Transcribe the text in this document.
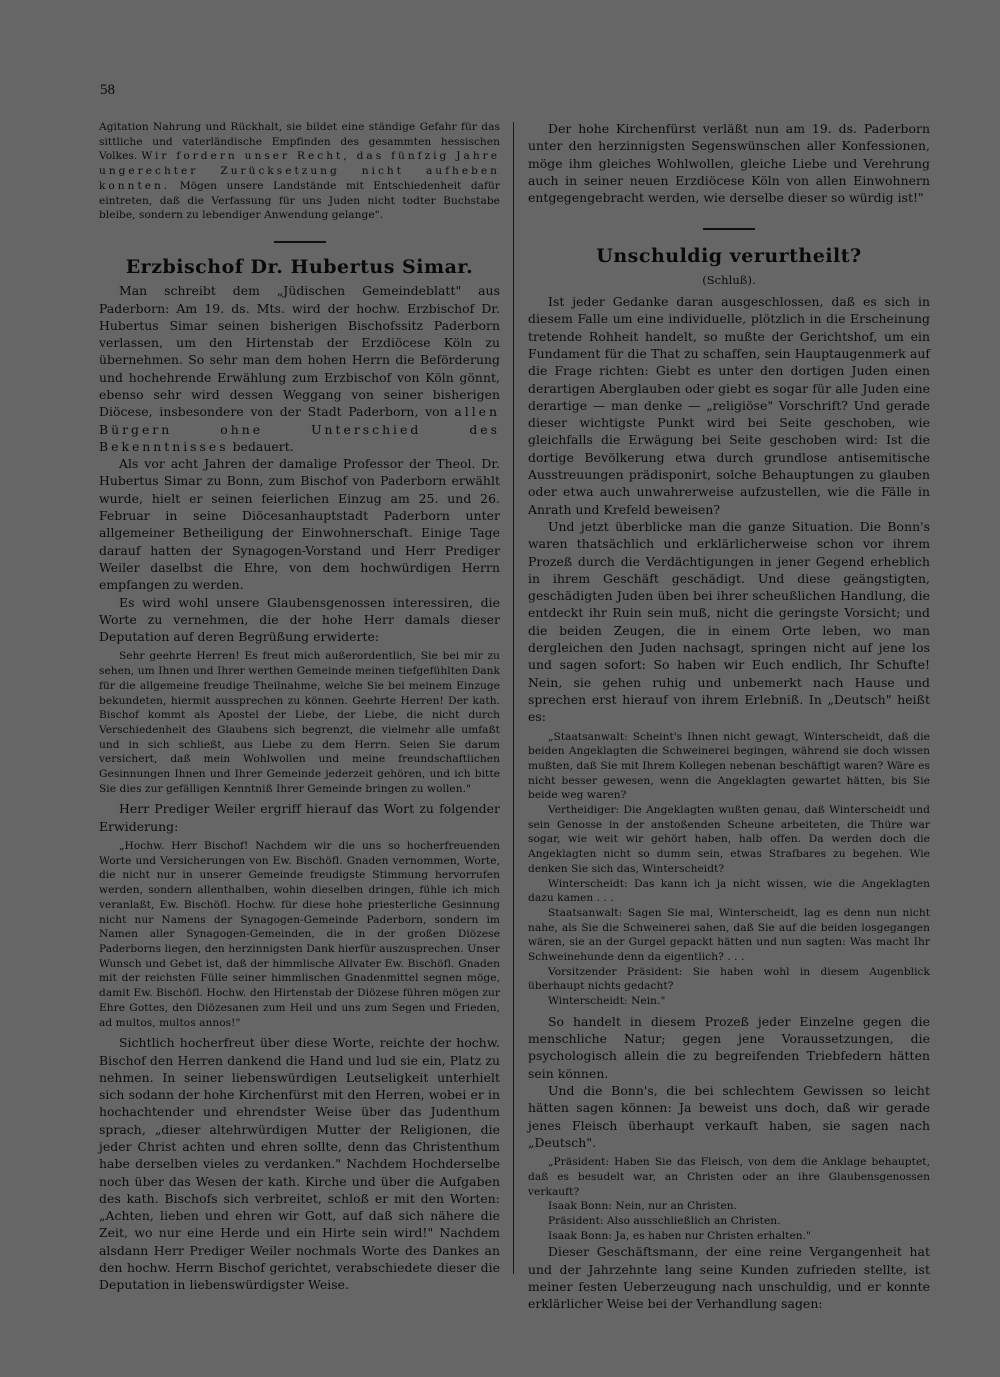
58

Agitation Nahrung und Rückhalt, sie bildet eine ständige Gefahr für das sittliche und vaterländische Empfinden des gesammten hessischen Volkes. Wir fordern unser Recht, das fünfzig Jahre ungerechter Zurücksetzung nicht aufheben konnten. Mögen unsere Landstände mit Entschiedenheit dafür eintreten, daß die Verfassung für uns Juden nicht todter Buchstabe bleibe, sondern zu lebendiger Anwendung gelange".

Erzbischof Dr. Hubertus Simar.

Man schreibt dem „Jüdischen Gemeindeblatt" aus Paderborn: Am 19. ds. Mts. wird der hochw. Erzbischof Dr. Hubertus Simar seinen bisherigen Bischofssitz Paderborn verlassen, um den Hirtenstab der Erzdiöcese Köln zu übernehmen. So sehr man dem hohen Herrn die Beförderung und hochehrende Erwählung zum Erzbischof von Köln gönnt, ebenso sehr wird dessen Weggang von seiner bisherigen Diöcese, insbesondere von der Stadt Paderborn, von allen Bürgern ohne Unterschied des Bekenntnisses bedauert.

Als vor acht Jahren der damalige Professor der Theol. Dr. Hubertus Simar zu Bonn, zum Bischof von Paderborn erwählt wurde, hielt er seinen feierlichen Einzug am 25. und 26. Februar in seine Diöcesanhauptstadt Paderborn unter allgemeiner Betheiligung der Einwohnerschaft. Einige Tage darauf hatten der Synagogen-Vorstand und Herr Prediger Weiler daselbst die Ehre, von dem hochwürdigen Herrn empfangen zu werden.

Es wird wohl unsere Glaubensgenossen interessiren, die Worte zu vernehmen, die der hohe Herr damals dieser Deputation auf deren Begrüßung erwiderte:

Sehr geehrte Herren! Es freut mich außerordentlich, Sie bei mir zu sehen, um Ihnen und Ihrer werthen Gemeinde meinen tiefgefühlten Dank für die allgemeine freudige Theilnahme, welche Sie bei meinem Einzuge bekundeten, hiermit aussprechen zu können. Geehrte Herren! Der kath. Bischof kommt als Apostel der Liebe, der Liebe, die nicht durch Verschiedenheit des Glaubens sich begrenzt, die vielmehr alle umfaßt und in sich schließt, aus Liebe zu dem Herrn. Seien Sie darum versichert, daß mein Wohlwollen und meine freundschaftlichen Gesinnungen Ihnen und Ihrer Gemeinde jederzeit gehören, und ich bitte Sie dies zur gefälligen Kenntniß Ihrer Gemeinde bringen zu wollen."

Herr Prediger Weiler ergriff hierauf das Wort zu folgender Erwiderung:

„Hochw. Herr Bischof! Nachdem wir die uns so hocherfreuenden Worte und Versicherungen von Ew. Bischöfl. Gnaden vernommen, Worte, die nicht nur in unserer Gemeinde freudigste Stimmung hervorrufen werden, sondern allenthalben, wohin dieselben dringen, fühle ich mich veranlaßt, Ew. Bischöfl. Hochw. für diese hohe priesterliche Gesinnung nicht nur Namens der Synagogen-Gemeinde Paderborn, sondern im Namen aller Synagogen-Gemeinden, die in der großen Diözese Paderborns liegen, den herzinnigsten Dank hierfür auszusprechen. Unser Wunsch und Gebet ist, daß der himmlische Allvater Ew. Bischöfl. Gnaden mit der reichsten Fülle seiner himmlischen Gnadenmittel segnen möge, damit Ew. Bischöfl. Hochw. den Hirtenstab der Diözese führen mögen zur Ehre Gottes, den Diözesanen zum Heil und uns zum Segen und Frieden, ad multos, multos annos!"

Sichtlich hocherfreut über diese Worte, reichte der hochw. Bischof den Herren dankend die Hand und lud sie ein, Platz zu nehmen. In seiner liebenswürdigen Leutseligkeit unterhielt sich sodann der hohe Kirchenfürst mit den Herren, wobei er in hochachtender und ehrendster Weise über das Judenthum sprach, „dieser altehrwürdigen Mutter der Religionen, die jeder Christ achten und ehren sollte, denn das Christenthum habe derselben vieles zu verdanken." Nachdem Hochderselbe noch über das Wesen der kath. Kirche und über die Aufgaben des kath. Bischofs sich verbreitet, schloß er mit den Worten: „Achten, lieben und ehren wir Gott, auf daß sich nähere die Zeit, wo nur eine Herde und ein Hirte sein wird!" Nachdem alsdann Herr Prediger Weiler nochmals Worte des Dankes an den hochw. Herrn Bischof gerichtet, verabschiedete dieser die Deputation in liebenswürdigster Weise.

Der hohe Kirchenfürst verläßt nun am 19. ds. Paderborn unter den herzinnigsten Segenswünschen aller Konfessionen, möge ihm gleiches Wohlwollen, gleiche Liebe und Verehrung auch in seiner neuen Erzdiöcese Köln von allen Einwohnern entgegengebracht werden, wie derselbe dieser so würdig ist!"

Unschuldig verurtheilt?
(Schluß).

Ist jeder Gedanke daran ausgeschlossen, daß es sich in diesem Falle um eine individuelle, plötzlich in die Erscheinung tretende Rohheit handelt, so mußte der Gerichtshof, um ein Fundament für die That zu schaffen, sein Hauptaugenmerk auf die Frage richten: Giebt es unter den dortigen Juden einen derartigen Aberglauben oder giebt es sogar für alle Juden eine derartige — man denke — „religiöse" Vorschrift? Und gerade dieser wichtigste Punkt wird bei Seite geschoben, wie gleichfalls die Erwägung bei Seite geschoben wird: Ist die dortige Bevölkerung etwa durch grundlose antisemitische Ausstreuungen prädisponirt, solche Behauptungen zu glauben oder etwa auch unwahrerweise aufzustellen, wie die Fälle in Anrath und Krefeld beweisen?

Und jetzt überblicke man die ganze Situation. Die Bonn's waren thatsächlich und erklärlicherweise schon vor ihrem Prozeß durch die Verdächtigungen in jener Gegend erheblich in ihrem Geschäft geschädigt. Und diese geängstigten, geschädigten Juden üben bei ihrer scheußlichen Handlung, die entdeckt ihr Ruin sein muß, nicht die geringste Vorsicht; und die beiden Zeugen, die in einem Orte leben, wo man dergleichen den Juden nachsagt, springen nicht auf jene los und sagen sofort: So haben wir Euch endlich, Ihr Schufte! Nein, sie gehen ruhig und unbemerkt nach Hause und sprechen erst hierauf von ihrem Erlebniß. In „Deutsch" heißt es:

„Staatsanwalt: Scheint's Ihnen nicht gewagt, Winterscheidt, daß die beiden Angeklagten die Schweinerei begingen, während sie doch wissen mußten, daß Sie mit Ihrem Kollegen nebenan beschäftigt waren? Wäre es nicht besser gewesen, wenn die Angeklagten gewartet hätten, bis Sie beide weg waren?

Vertheidiger: Die Angeklagten wußten genau, daß Winterscheidt und sein Genosse in der anstoßenden Scheune arbeiteten, die Thüre war sogar, wie weit wir gehört haben, halb offen. Da werden doch die Angeklagten nicht so dumm sein, etwas Strafbares zu begehen. Wie denken Sie sich das, Winterscheidt?

Winterscheidt: Das kann ich ja nicht wissen, wie die Angeklagten dazu kamen . . .

Staatsanwalt: Sagen Sie mal, Winterscheidt, lag es denn nun nicht nahe, als Sie die Schweinerei sahen, daß Sie auf die beiden losgegangen wären, sie an der Gurgel gepackt hätten und nun sagten: Was macht Ihr Schweinehunde denn da eigentlich? . . .

Vorsitzender Präsident: Sie haben wohl in diesem Augenblick überhaupt nichts gedacht?

Winterscheidt: Nein."

So handelt in diesem Prozeß jeder Einzelne gegen die menschliche Natur; gegen jene Voraussetzungen, die psychologisch allein die zu begreifenden Triebfedern hätten sein können.

Und die Bonn's, die bei schlechtem Gewissen so leicht hätten sagen können: Ja beweist uns doch, daß wir gerade jenes Fleisch überhaupt verkauft haben, sie sagen nach „Deutsch".

„Präsident: Haben Sie das Fleisch, von dem die Anklage behauptet, daß es besudelt war, an Christen oder an ihre Glaubensgenossen verkauft?

Isaak Bonn: Nein, nur an Christen.

Präsident: Also ausschließlich an Christen.

Isaak Bonn: Ja, es haben nur Christen erhalten."

Dieser Geschäftsmann, der eine reine Vergangenheit hat und der Jahrzehnte lang seine Kunden zufrieden stellte, ist meiner festen Ueberzeugung nach unschuldig, und er konnte erklärlicher Weise bei der Verhandlung sagen:
